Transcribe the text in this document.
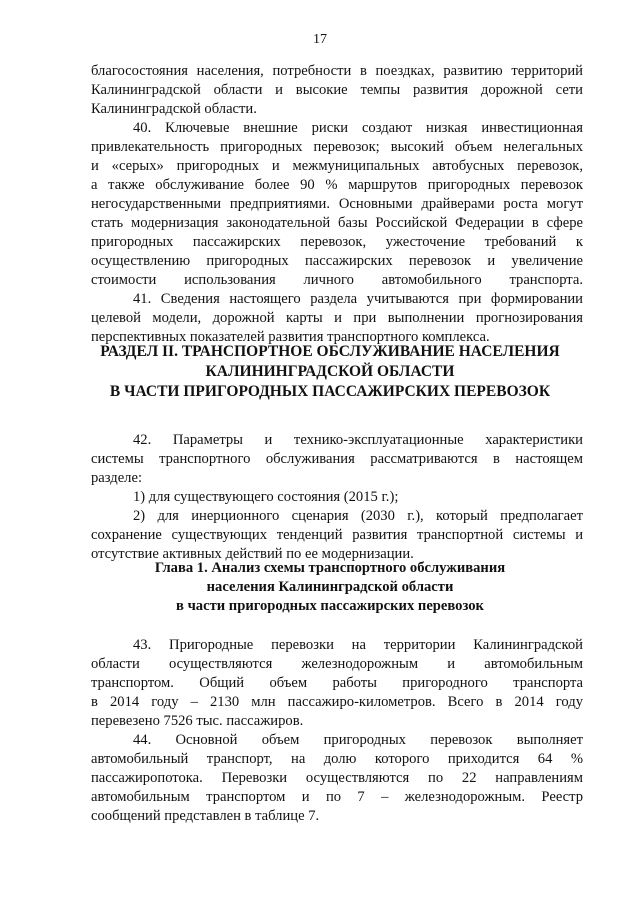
17
благосостояния населения, потребности в поездках, развитию территорий
Калининградской области и высокие темпы развития дорожной сети
Калининградской области.
40. Ключевые внешние риски создают низкая инвестиционная
привлекательность пригородных перевозок; высокий объем нелегальных
и «серых» пригородных и межмуниципальных автобусных перевозок,
а также обслуживание более 90 % маршрутов пригородных перевозок
негосударственными предприятиями. Основными драйверами роста могут
стать модернизация законодательной базы Российской Федерации в сфере
пригородных пассажирских перевозок, ужесточение требований к
осуществлению пригородных пассажирских перевозок и увеличение
стоимости использования личного автомобильного транспорта.
41. Сведения настоящего раздела учитываются при формировании
целевой модели, дорожной карты и при выполнении прогнозирования
перспективных показателей развития транспортного комплекса.
РАЗДЕЛ II. ТРАНСПОРТНОЕ ОБСЛУЖИВАНИЕ НАСЕЛЕНИЯ
КАЛИНИНГРАДСКОЙ ОБЛАСТИ
В ЧАСТИ ПРИГОРОДНЫХ ПАССАЖИРСКИХ ПЕРЕВОЗОК
42. Параметры и технико-эксплуатационные характеристики
системы транспортного обслуживания рассматриваются в настоящем
разделе:
1) для существующего состояния (2015 г.);
2) для инерционного сценария (2030 г.), который предполагает
сохранение существующих тенденций развития транспортной системы и
отсутствие активных действий по ее модернизации.
Глава 1. Анализ схемы транспортного обслуживания
населения Калининградской области
в части пригородных пассажирских перевозок
43. Пригородные перевозки на территории Калининградской
области осуществляются железнодорожным и автомобильным
транспортом. Общий объем работы пригородного транспорта
в 2014 году – 2130 млн пассажиро-километров. Всего в 2014 году
перевезено 7526 тыс. пассажиров.
44. Основной объем пригородных перевозок выполняет
автомобильный транспорт, на долю которого приходится 64 %
пассажиропотока. Перевозки осуществляются по 22 направлениям
автомобильным транспортом и по 7 – железнодорожным. Реестр
сообщений представлен в таблице 7.
